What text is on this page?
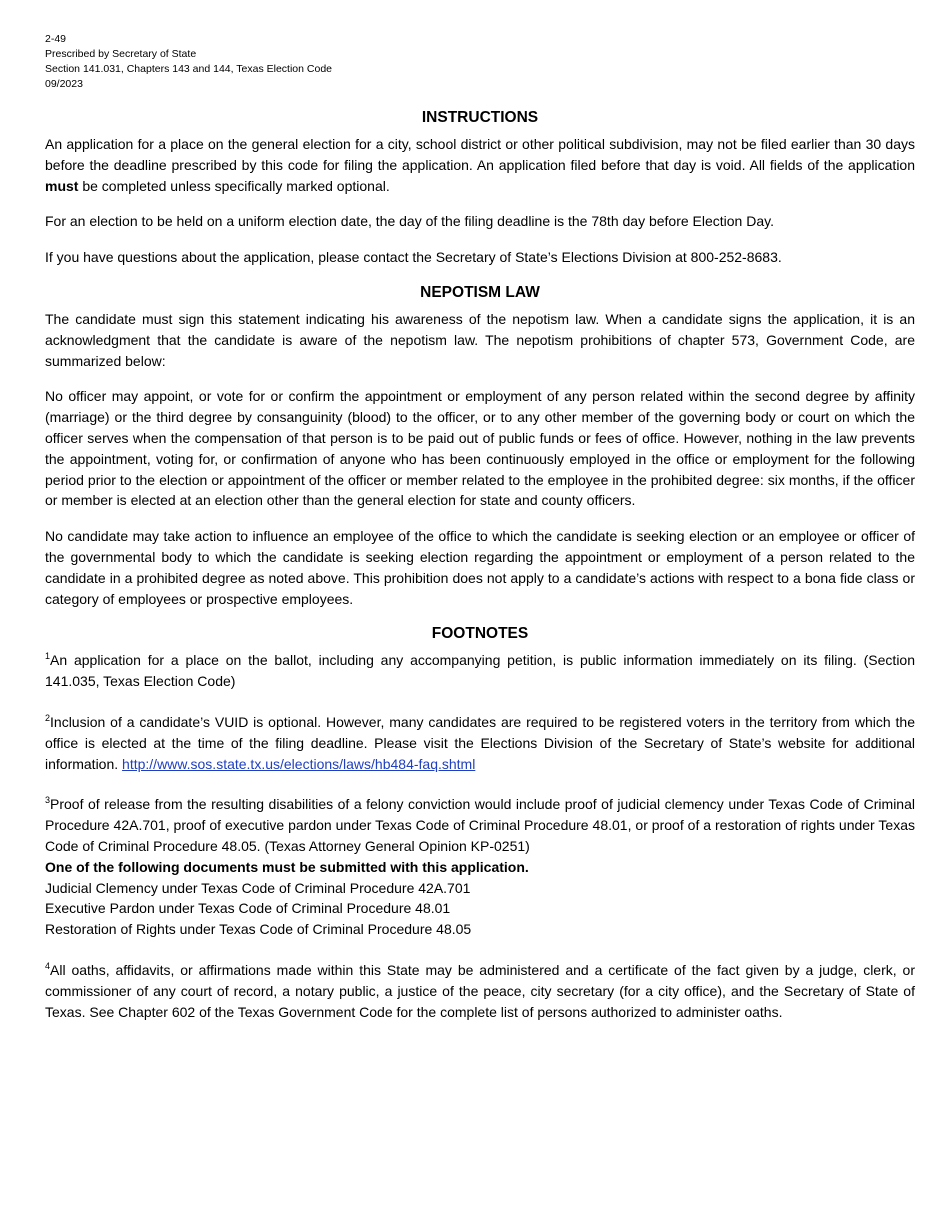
2-49
Prescribed by Secretary of State
Section 141.031, Chapters 143 and 144, Texas Election Code
09/2023
INSTRUCTIONS

An application for a place on the general election for a city, school district or other political subdivision, may not be filed earlier than 30 days before the deadline prescribed by this code for filing the application. An application filed before that day is void. All fields of the application must be completed unless specifically marked optional.

For an election to be held on a uniform election date, the day of the filing deadline is the 78th day before Election Day.

If you have questions about the application, please contact the Secretary of State’s Elections Division at 800-252-8683.

NEPOTISM LAW

The candidate must sign this statement indicating his awareness of the nepotism law. When a candidate signs the application, it is an acknowledgment that the candidate is aware of the nepotism law. The nepotism prohibitions of chapter 573, Government Code, are summarized below:

No officer may appoint, or vote for or confirm the appointment or employment of any person related within the second degree by affinity (marriage) or the third degree by consanguinity (blood) to the officer, or to any other member of the governing body or court on which the officer serves when the compensation of that person is to be paid out of public funds or fees of office. However, nothing in the law prevents the appointment, voting for, or confirmation of anyone who has been continuously employed in the office or employment for the following period prior to the election or appointment of the officer or member related to the employee in the prohibited degree: six months, if the officer or member is elected at an election other than the general election for state and county officers.

No candidate may take action to influence an employee of the office to which the candidate is seeking election or an employee or officer of the governmental body to which the candidate is seeking election regarding the appointment or employment of a person related to the candidate in a prohibited degree as noted above. This prohibition does not apply to a candidate’s actions with respect to a bona fide class or category of employees or prospective employees.

FOOTNOTES

$^1$An application for a place on the ballot, including any accompanying petition, is public information immediately on its filing. (Section 141.035, Texas Election Code)

$^2$Inclusion of a candidate’s VUID is optional. However, many candidates are required to be registered voters in the territory from which the office is elected at the time of the filing deadline. Please visit the Elections Division of the Secretary of State’s website for additional information. http://www.sos.state.tx.us/elections/laws/hb484-faq.shtml

$^3$Proof of release from the resulting disabilities of a felony conviction would include proof of judicial clemency under Texas Code of Criminal Procedure 42A.701, proof of executive pardon under Texas Code of Criminal Procedure 48.01, or proof of a restoration of rights under Texas Code of Criminal Procedure 48.05. (Texas Attorney General Opinion KP-0251)

One of the following documents must be submitted with this application.
Judicial Clemency under Texas Code of Criminal Procedure 42A.701
Executive Pardon under Texas Code of Criminal Procedure 48.01
Restoration of Rights under Texas Code of Criminal Procedure 48.05

$^4$All oaths, affidavits, or affirmations made within this State may be administered and a certificate of the fact given by a judge, clerk, or commissioner of any court of record, a notary public, a justice of the peace, city secretary (for a city office), and the Secretary of State of Texas. See Chapter 602 of the Texas Government Code for the complete list of persons authorized to administer oaths.
